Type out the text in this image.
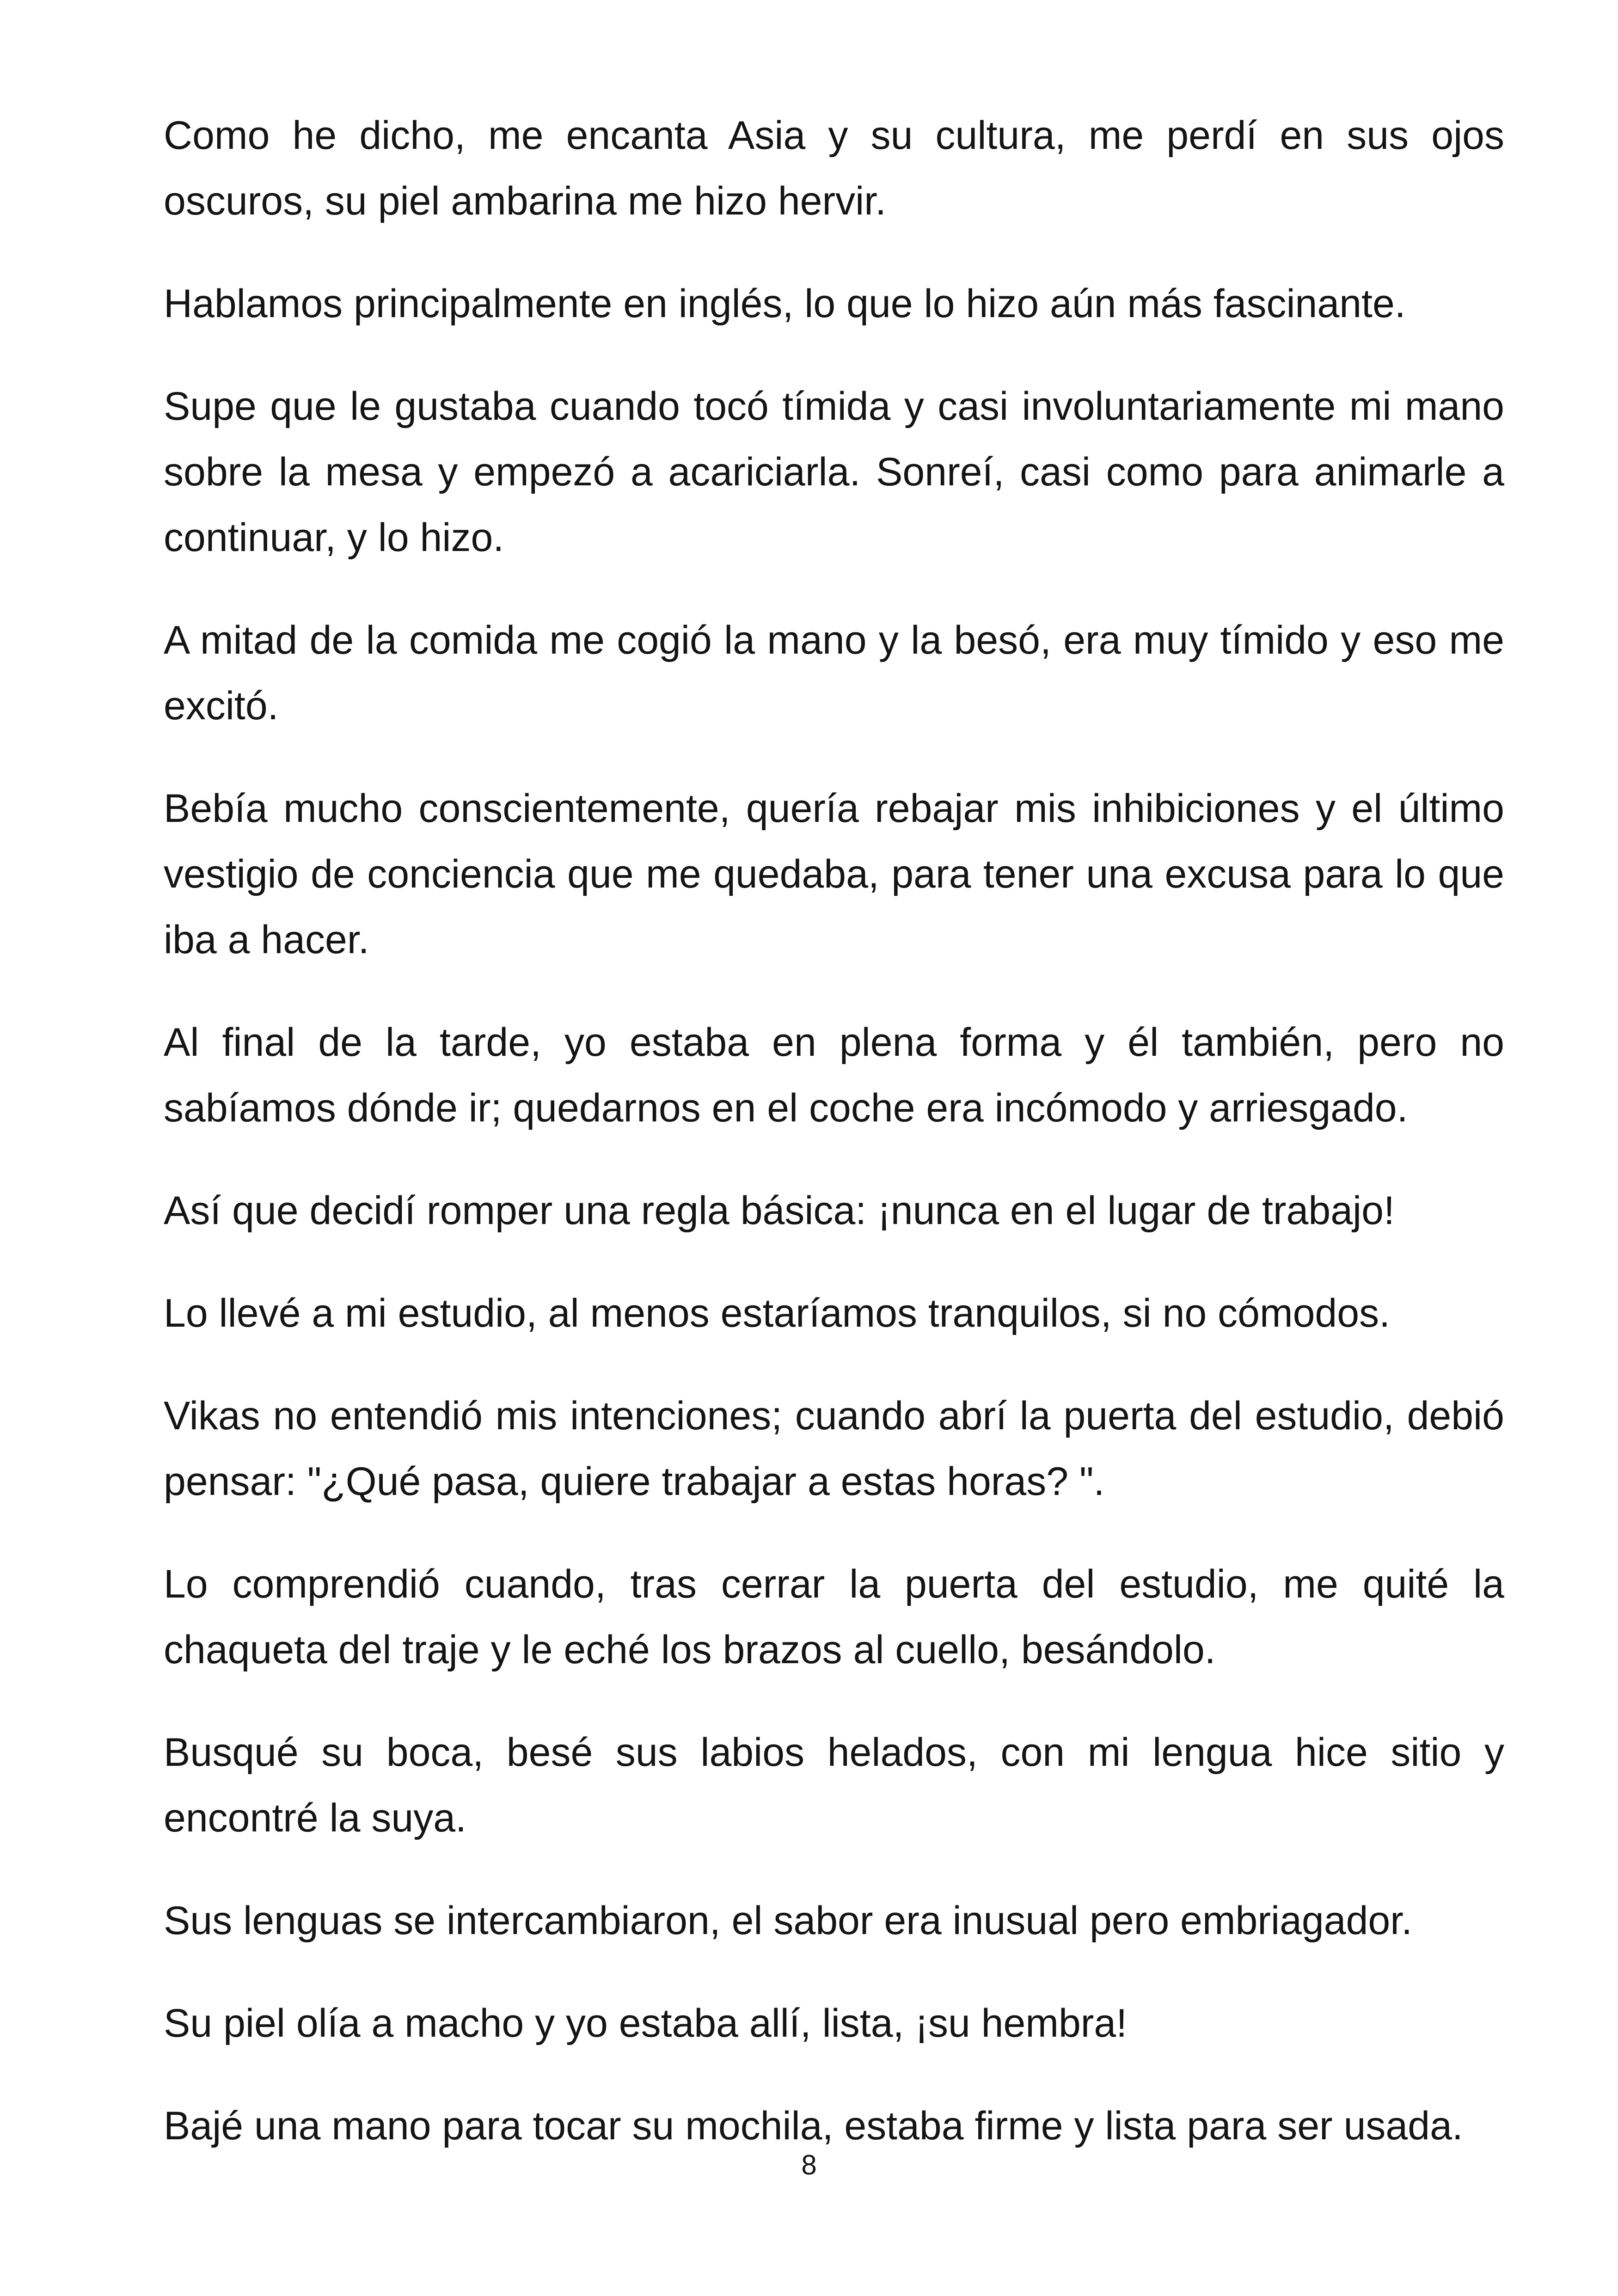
Como he dicho, me encanta Asia y su cultura, me perdí en sus ojos oscuros, su piel ambarina me hizo hervir.

Hablamos principalmente en inglés, lo que lo hizo aún más fascinante.

Supe que le gustaba cuando tocó tímida y casi involuntariamente mi mano sobre la mesa y empezó a acariciarla. Sonreí, casi como para animarle a continuar, y lo hizo.

A mitad de la comida me cogió la mano y la besó, era muy tímido y eso me excitó.

Bebía mucho conscientemente, quería rebajar mis inhibiciones y el último vestigio de conciencia que me quedaba, para tener una excusa para lo que iba a hacer.

Al final de la tarde, yo estaba en plena forma y él también, pero no sabíamos dónde ir; quedarnos en el coche era incómodo y arriesgado.

Así que decidí romper una regla básica: ¡nunca en el lugar de trabajo!

Lo llevé a mi estudio, al menos estaríamos tranquilos, si no cómodos.

Vikas no entendió mis intenciones; cuando abrí la puerta del estudio, debió pensar: "¿Qué pasa, quiere trabajar a estas horas? ".

Lo comprendió cuando, tras cerrar la puerta del estudio, me quité la chaqueta del traje y le eché los brazos al cuello, besándolo.

Busqué su boca, besé sus labios helados, con mi lengua hice sitio y encontré la suya.

Sus lenguas se intercambiaron, el sabor era inusual pero embriagador.

Su piel olía a macho y yo estaba allí, lista, ¡su hembra!

Bajé una mano para tocar su mochila, estaba firme y lista para ser usada.

8
